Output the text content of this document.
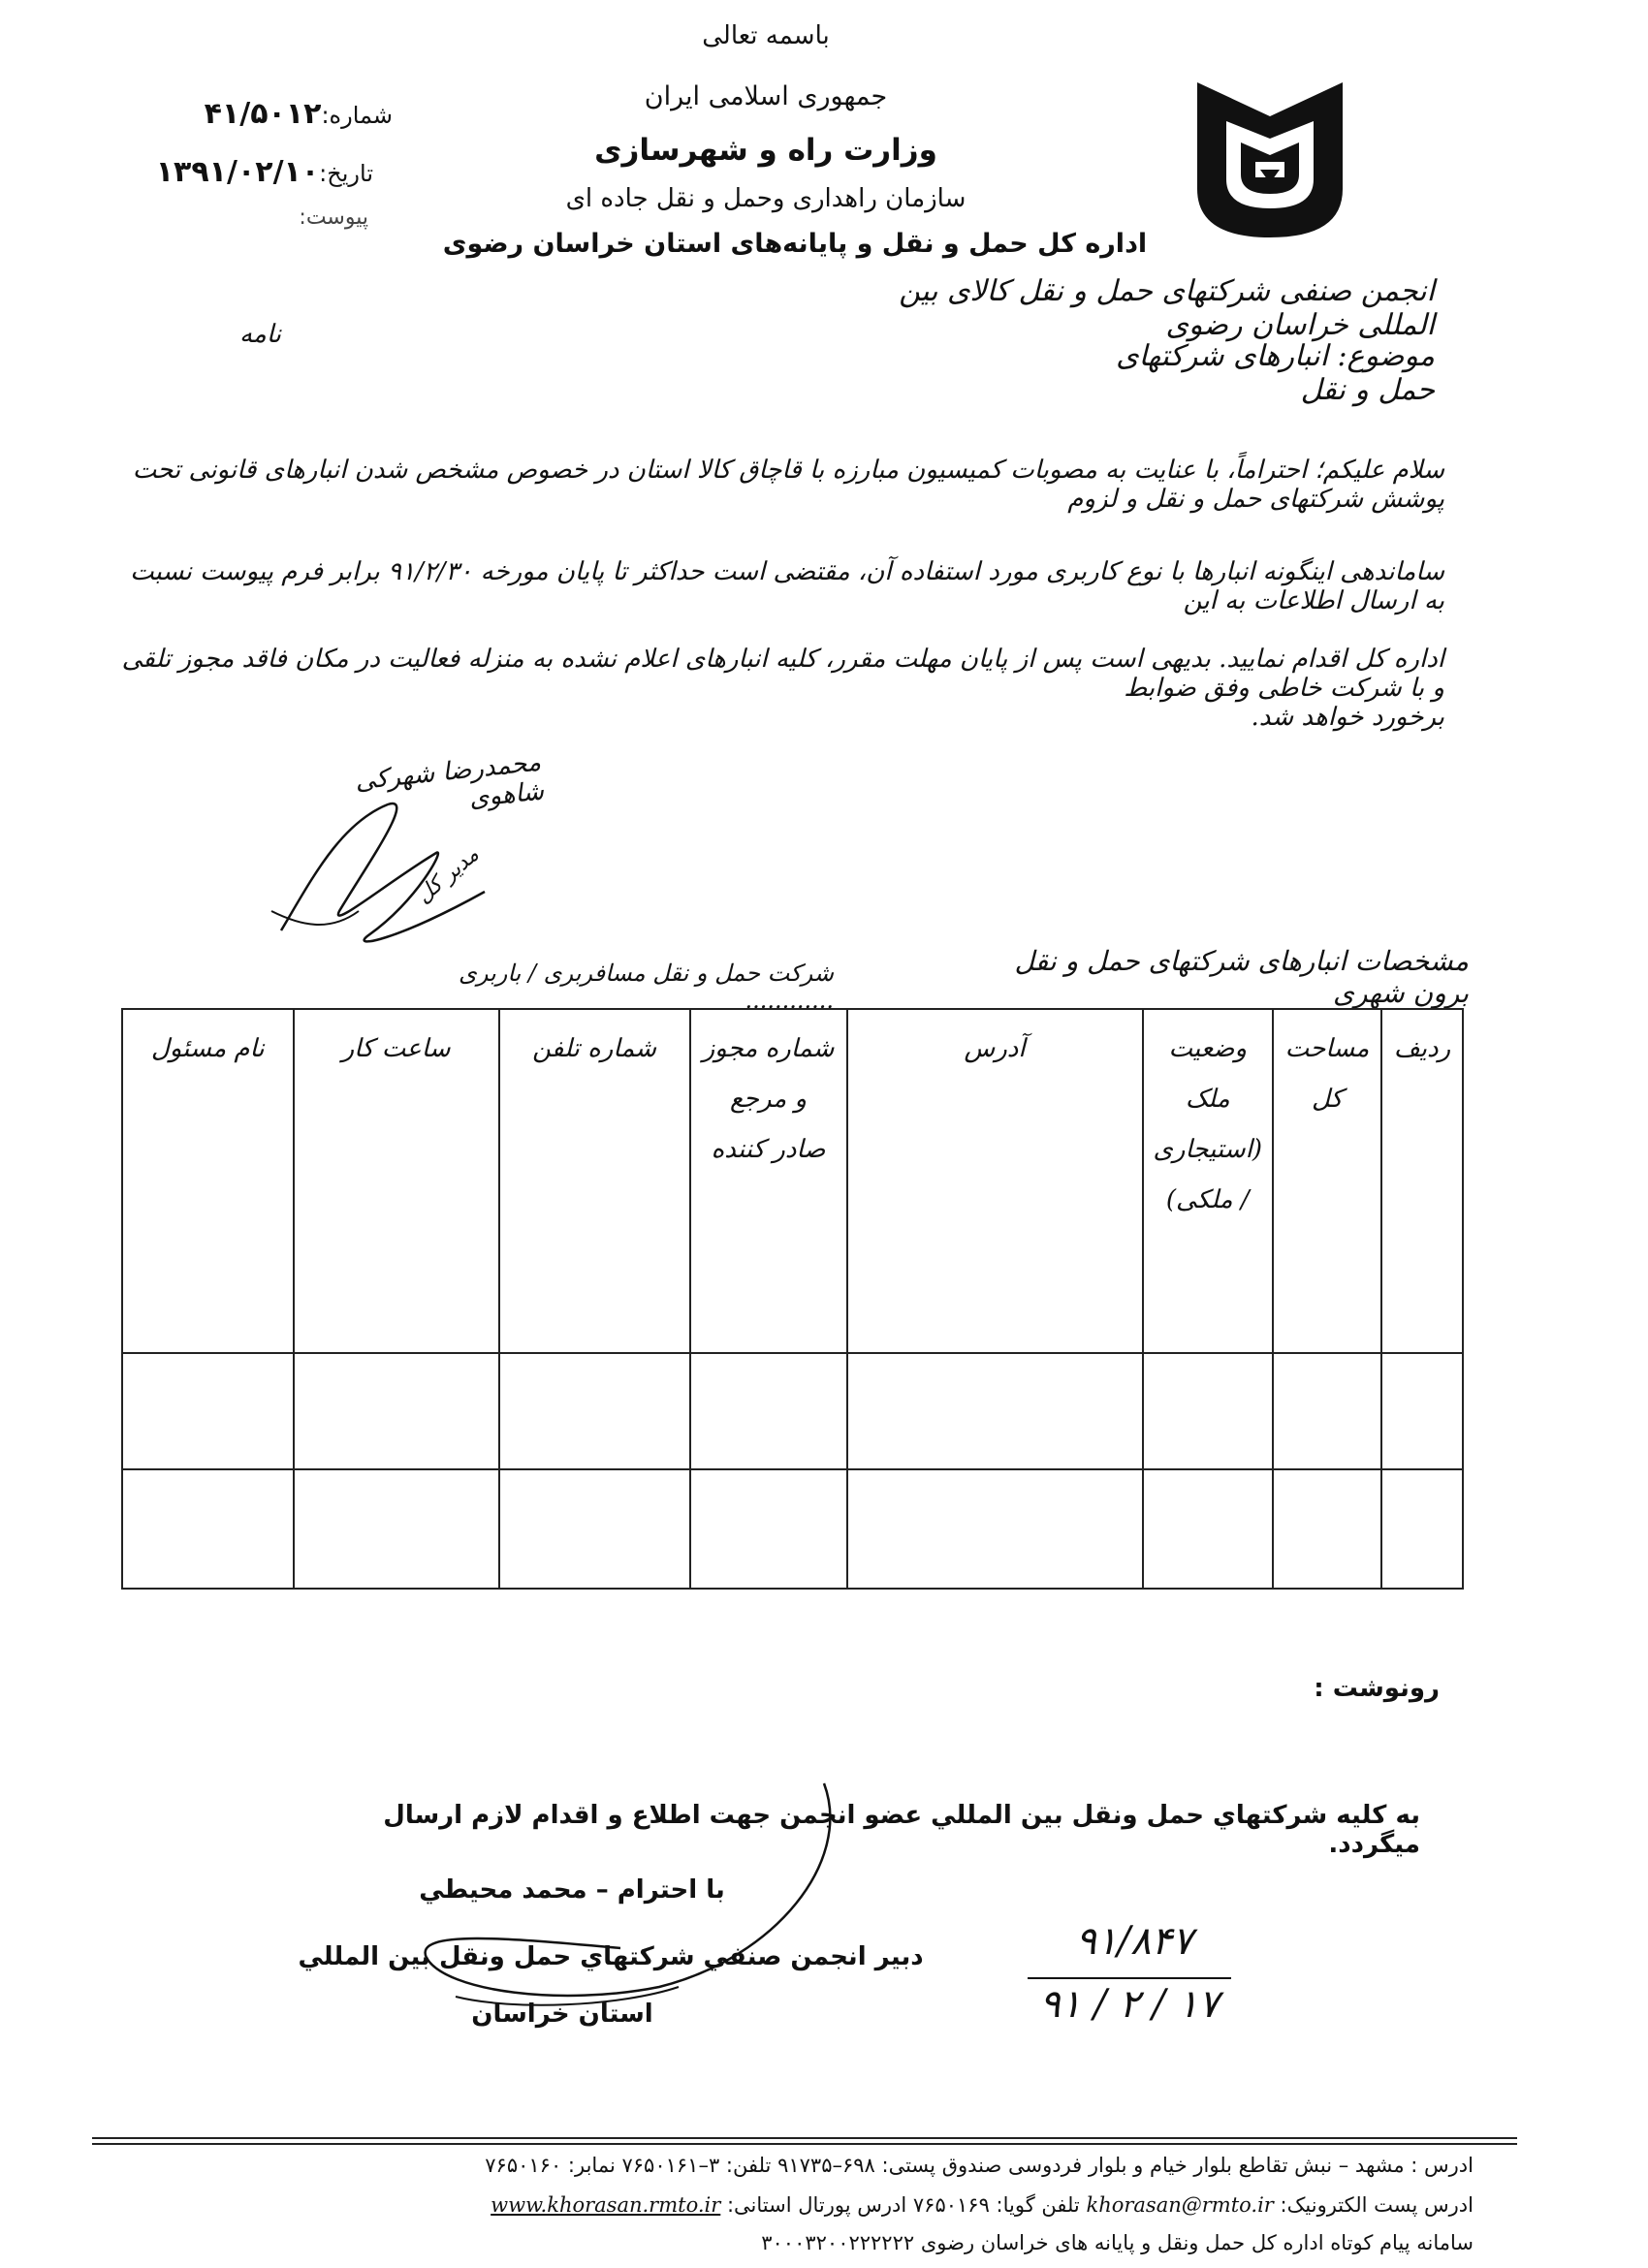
باسمه تعالی
جمهوری اسلامی ایران
وزارت راه و شهرسازی
سازمان راهداری وحمل و نقل جاده ای
اداره کل حمل و نقل و پایانه‌های استان خراسان رضوی
شماره:۴۱/۵۰۱۲
تاریخ:۱۳۹۱/۰۲/۱۰
پیوست:
انجمن صنفی شرکتهای حمل و نقل کالای بین المللی خراسان رضوی
نامه
موضوع: انبارهای شرکتهای حمل و نقل
سلام علیکم؛ احتراماً، با عنایت به مصوبات کمیسیون مبارزه با قاچاق کالا استان در خصوص مشخص شدن انبارهای قانونی تحت پوشش شرکتهای حمل و نقل و لزوم
ساماندهی اینگونه انبارها با نوع کاربری مورد استفاده آن، مقتضی است حداکثر تا پایان مورخه ۹۱/۲/۳۰ برابر فرم پیوست نسبت به ارسال اطلاعات به این
اداره کل اقدام نمایید. بدیهی است پس از پایان مهلت مقرر، کلیه انبارهای اعلام نشده به منزله فعالیت در مکان فاقد مجوز تلقی و با شرکت خاطی وفق ضوابط
برخورد خواهد شد.
محمدرضا شهرکی شاهوی
مدیر کل
مشخصات انبارهای شرکتهای حمل و نقل برون شهری
شرکت حمل و نقل مسافربری / باربری ............
ردیف	مساحت کل	وضعیت ملک (استیجاری / ملکی)	آدرس	شماره مجوز و مرجع صادر کننده	شماره تلفن	ساعت کار	نام مسئول

رونوشت :
به کلیه شرکتهاي حمل ونقل بین المللي عضو انجمن جهت اطلاع و اقدام لازم ارسال میگردد.
با احترام – محمد محیطي
دبیر انجمن صنفي شرکتهاي حمل ونقل بین المللي
استان خراسان
۹۱/۸۴۷
۹۱ / ۲ / ۱۷
ادرس : مشهد – نبش تقاطع بلوار خیام و بلوار فردوسی صندوق پستی: ۶۹۸–۹۱۷۳۵ تلفن: ۳–۷۶۵۰۱۶۱ نمابر: ۷۶۵۰۱۶۰
ادرس پست الکترونیک: khorasan@rmto.ir تلفن گویا: ۷۶۵۰۱۶۹ ادرس پورتال استانی: www.khorasan.rmto.ir
سامانه پیام کوتاه اداره کل حمل ونقل و پایانه های خراسان رضوی ۳۰۰۰۳۲۰۰۲۲۲۲۲۲
